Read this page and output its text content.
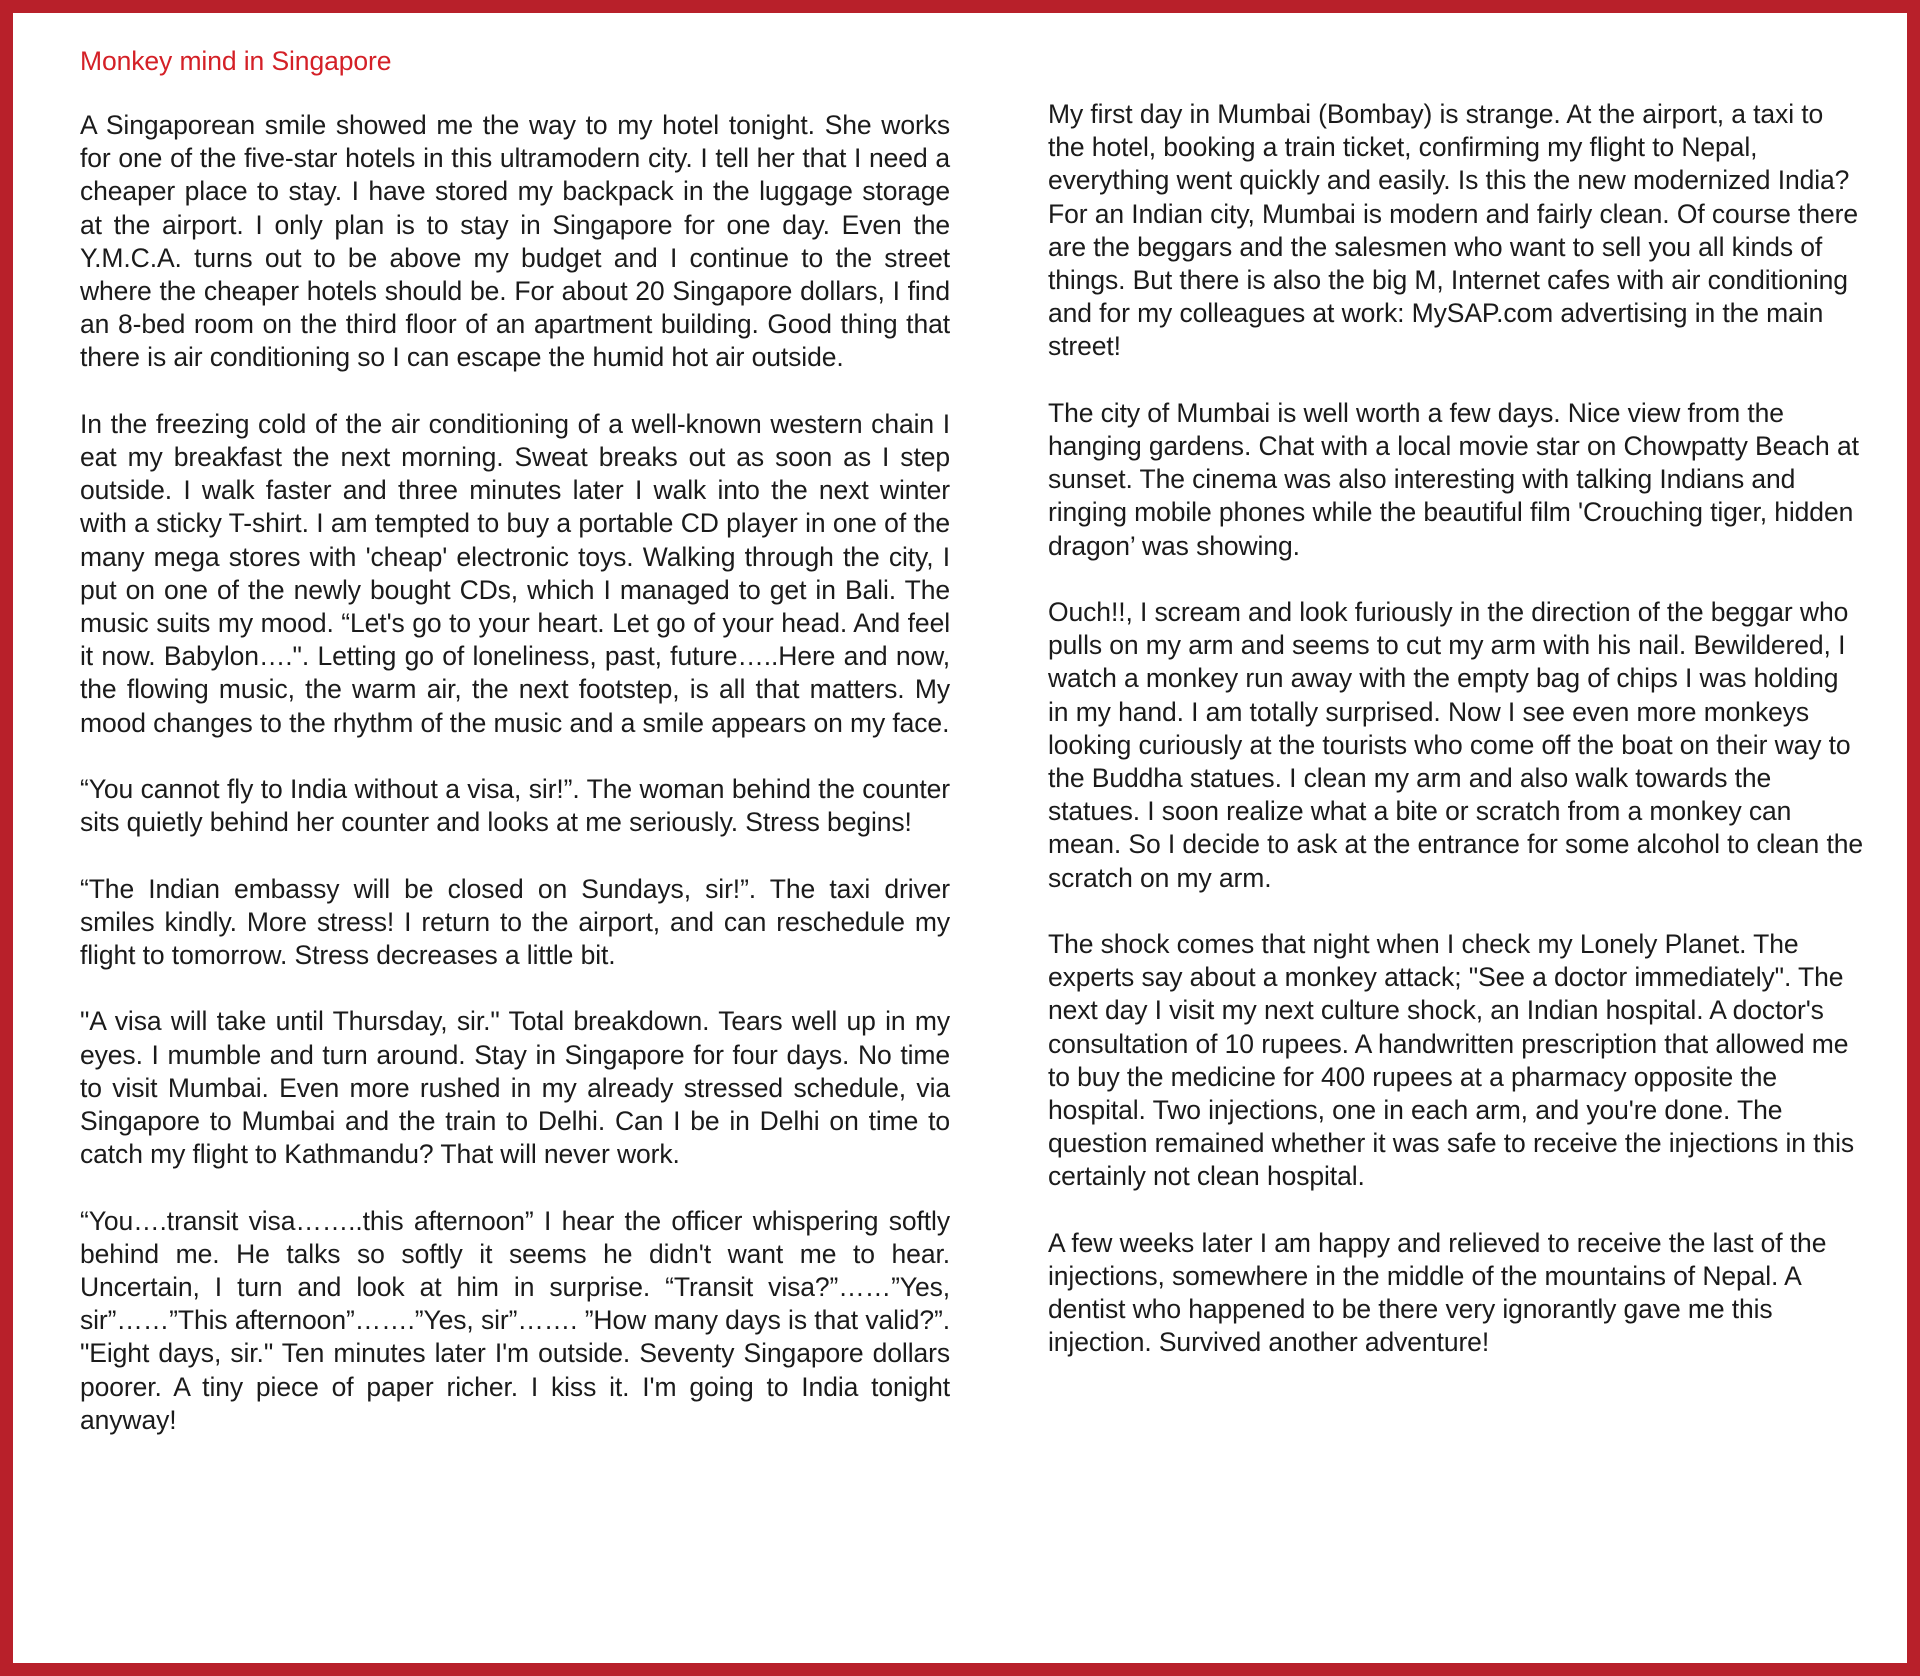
Monkey mind in Singapore

A Singaporean smile showed me the way to my hotel tonight. She works for one of the five-star hotels in this ultramodern city. I tell her that I need a cheaper place to stay. I have stored my backpack in the luggage storage at the airport. I only plan is to stay in Singapore for one day. Even the Y.M.C.A. turns out to be above my budget and I continue to the street where the cheaper hotels should be. For about 20 Singapore dollars, I find an 8-bed room on the third floor of an apartment building. Good thing that there is air conditioning so I can escape the humid hot air outside.

In the freezing cold of the air conditioning of a well-known western chain I eat my breakfast the next morning. Sweat breaks out as soon as I step outside. I walk faster and three minutes later I walk into the next winter with a sticky T-shirt. I am tempted to buy a portable CD player in one of the many mega stores with 'cheap' electronic toys. Walking through the city, I put on one of the newly bought CDs, which I managed to get in Bali. The music suits my mood. “Let's go to your heart. Let go of your head. And feel it now. Babylon….". Letting go of loneliness, past, future…..Here and now, the flowing music, the warm air, the next footstep, is all that matters. My mood changes to the rhythm of the music and a smile appears on my face.

“You cannot fly to India without a visa, sir!”. The woman behind the counter sits quietly behind her counter and looks at me seriously. Stress begins!

“The Indian embassy will be closed on Sundays, sir!”. The taxi driver smiles kindly. More stress! I return to the airport, and can reschedule my flight to tomorrow. Stress decreases a little bit.

"A visa will take until Thursday, sir." Total breakdown. Tears well up in my eyes. I mumble and turn around. Stay in Singapore for four days. No time to visit Mumbai. Even more rushed in my already stressed schedule, via Singapore to Mumbai and the train to Delhi. Can I be in Delhi on time to catch my flight to Kathmandu? That will never work.

“You….transit visa……..this afternoon” I hear the officer whispering softly behind me. He talks so softly it seems he didn't want me to hear. Uncertain, I turn and look at him in surprise. “Transit visa?”……”Yes, sir”……”This afternoon”…….”Yes, sir”……. ”How many days is that valid?”. "Eight days, sir." Ten minutes later I'm outside. Seventy Singapore dollars poorer. A tiny piece of paper richer. I kiss it. I'm going to India tonight anyway!

My first day in Mumbai (Bombay) is strange. At the airport, a taxi to the hotel, booking a train ticket, confirming my flight to Nepal, everything went quickly and easily. Is this the new modernized India? For an Indian city, Mumbai is modern and fairly clean. Of course there are the beggars and the salesmen who want to sell you all kinds of things. But there is also the big M, Internet cafes with air conditioning and for my colleagues at work: MySAP.com advertising in the main street!

The city of Mumbai is well worth a few days. Nice view from the hanging gardens. Chat with a local movie star on Chowpatty Beach at sunset. The cinema was also interesting with talking Indians and ringing mobile phones while the beautiful film 'Crouching tiger, hidden dragon’ was showing.

Ouch!!, I scream and look furiously in the direction of the beggar who pulls on my arm and seems to cut my arm with his nail. Bewildered, I watch a monkey run away with the empty bag of chips I was holding in my hand. I am totally surprised. Now I see even more monkeys looking curiously at the tourists who come off the boat on their way to the Buddha statues. I clean my arm and also walk towards the statues. I soon realize what a bite or scratch from a monkey can mean. So I decide to ask at the entrance for some alcohol to clean the scratch on my arm.

The shock comes that night when I check my Lonely Planet. The experts say about a monkey attack; "See a doctor immediately". The next day I visit my next culture shock, an Indian hospital. A doctor's consultation of 10 rupees. A handwritten prescription that allowed me to buy the medicine for 400 rupees at a pharmacy opposite the hospital. Two injections, one in each arm, and you're done. The question remained whether it was safe to receive the injections in this certainly not clean hospital.

A few weeks later I am happy and relieved to receive the last of the injections, somewhere in the middle of the mountains of Nepal. A dentist who happened to be there very ignorantly gave me this injection. Survived another adventure!
